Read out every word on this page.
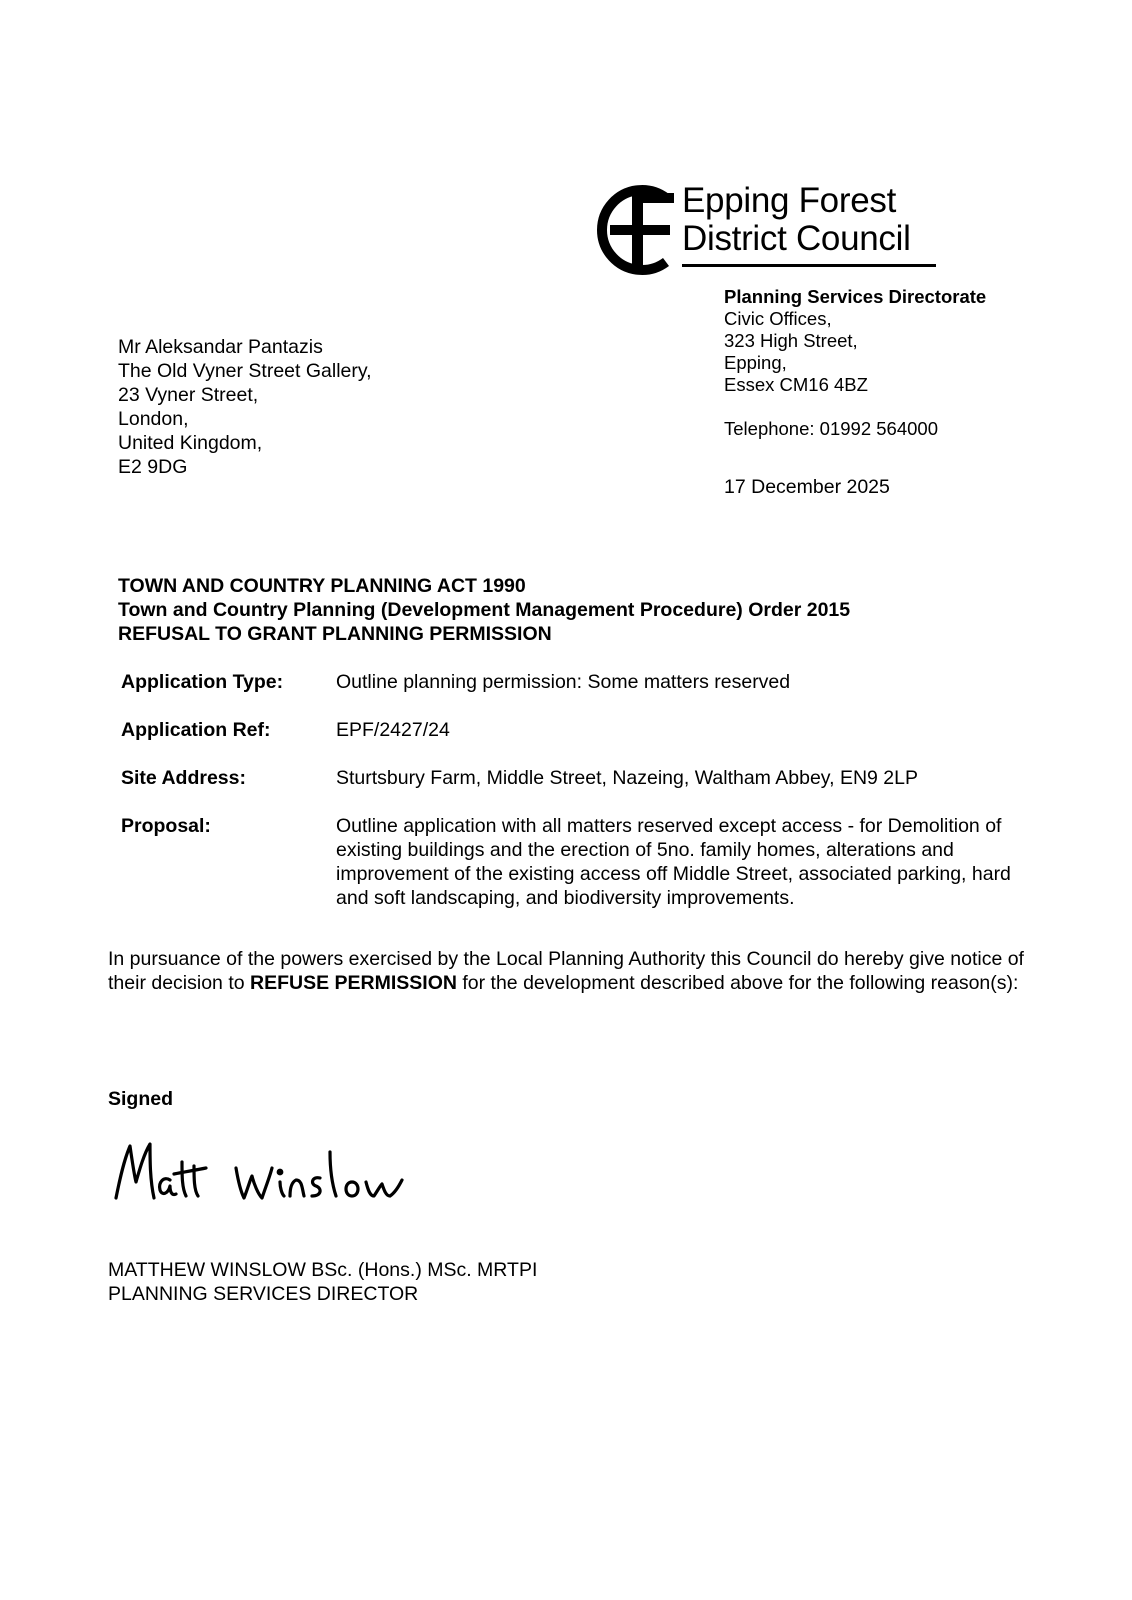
Epping Forest
District Council
Planning Services Directorate
Civic Offices,
323 High Street,
Epping,
Essex CM16 4BZ
Telephone: 01992 564000
17 December 2025
Mr Aleksandar Pantazis
The Old Vyner Street Gallery,
23 Vyner Street,
London,
United Kingdom,
E2 9DG
TOWN AND COUNTRY PLANNING ACT 1990
Town and Country Planning (Development Management Procedure) Order 2015
REFUSAL TO GRANT PLANNING PERMISSION
Application Type:	Outline planning permission: Some matters reserved
Application Ref:	EPF/2427/24
Site Address:	Sturtsbury Farm, Middle Street, Nazeing, Waltham Abbey, EN9 2LP
Proposal:	Outline application with all matters reserved except access - for Demolition of existing buildings and the erection of 5no. family homes, alterations and improvement of the existing access off Middle Street, associated parking, hard and soft landscaping, and biodiversity improvements.
In pursuance of the powers exercised by the Local Planning Authority this Council do hereby give notice of their decision to REFUSE PERMISSION for the development described above for the following reason(s):
Signed
MATTHEW WINSLOW BSc. (Hons.) MSc. MRTPI
PLANNING SERVICES DIRECTOR
